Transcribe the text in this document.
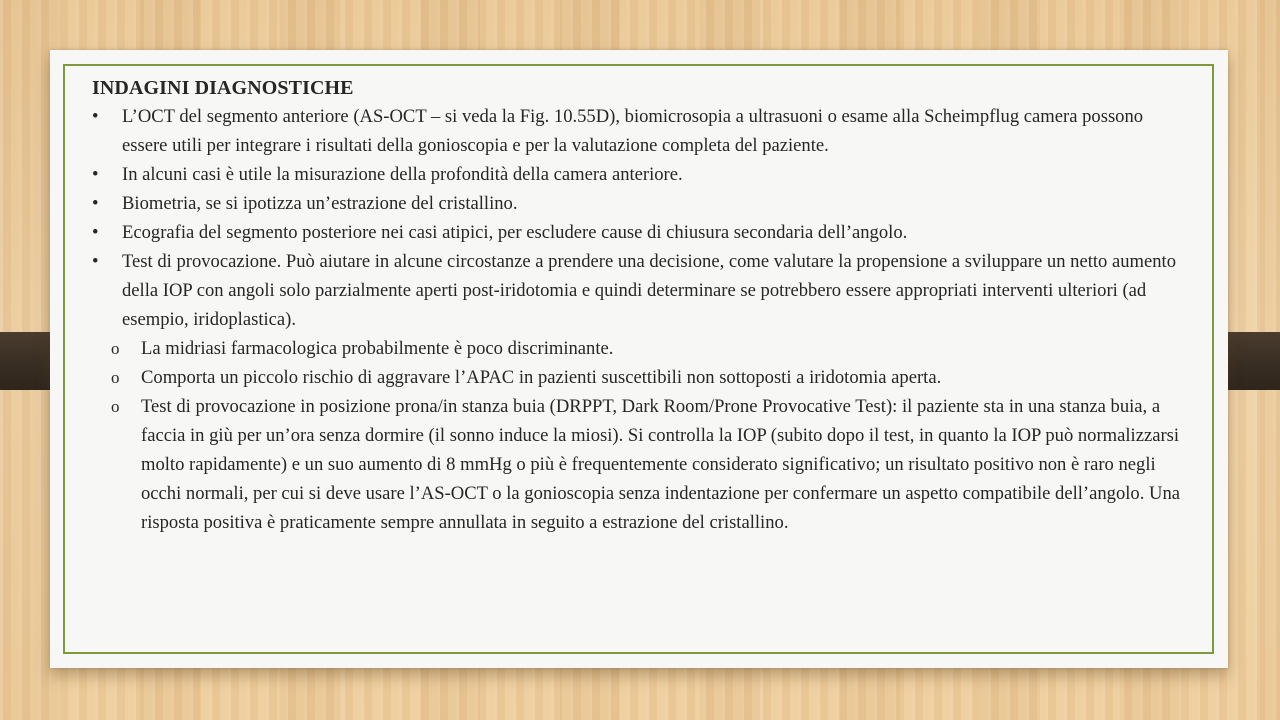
INDAGINI DIAGNOSTICHE
•	L’OCT del segmento anteriore (AS-OCT – si veda la Fig. 10.55D), biomicrosopia a ultrasuoni o esame alla Scheimpflug camera possono essere utili per integrare i risultati della gonioscopia e per la valutazione completa del paziente.
•	In alcuni casi è utile la misurazione della profondità della camera anteriore.
•	Biometria, se si ipotizza un’estrazione del cristallino.
•	Ecografia del segmento posteriore nei casi atipici, per escludere cause di chiusura secondaria dell’angolo.
•	Test di provocazione. Può aiutare in alcune circostanze a prendere una decisione, come valutare la propensione a sviluppare un netto aumento della IOP con angoli solo parzialmente aperti post-iridotomia e quindi determinare se potrebbero essere appropriati interventi ulteriori (ad esempio, iridoplastica).
o La midriasi farmacologica probabilmente è poco discriminante.
o Comporta un piccolo rischio di aggravare l’APAC in pazienti suscettibili non sottoposti a iridotomia aperta.
o Test di provocazione in posizione prona/in stanza buia (DRPPT, Dark Room/Prone Provocative Test): il paziente sta in una stanza buia, a faccia in giù per un’ora senza dormire (il sonno induce la miosi). Si controlla la IOP (subito dopo il test, in quanto la IOP può normalizzarsi molto rapidamente) e un suo aumento di 8 mmHg o più è frequentemente considerato significativo; un risultato positivo non è raro negli occhi normali, per cui si deve usare l’AS-OCT o la gonioscopia senza indentazione per confermare un aspetto compatibile dell’angolo. Una risposta positiva è praticamente sempre annullata in seguito a estrazione del cristallino.
